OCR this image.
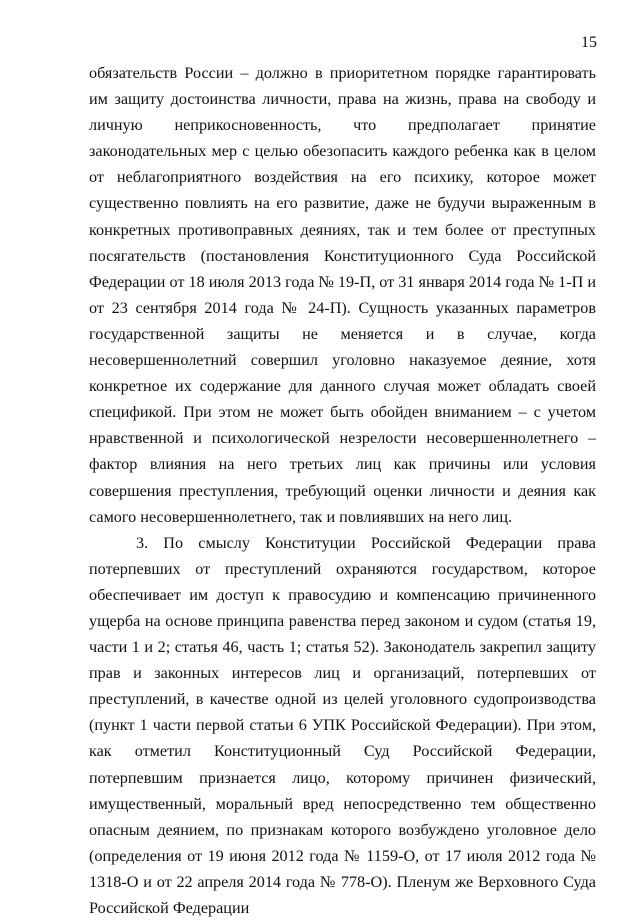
15

обязательств России – должно в приоритетном порядке гарантировать им защиту достоинства личности, права на жизнь, права на свободу и личную неприкосновенность, что предполагает принятие законодательных мер с целью обезопасить каждого ребенка как в целом от неблагоприятного воздействия на его психику, которое может существенно повлиять на его развитие, даже не будучи выраженным в конкретных противоправных деяниях, так и тем более от преступных посягательств (постановления Конституционного Суда Российской Федерации от 18 июля 2013 года № 19-П, от 31 января 2014 года № 1-П и от 23 сентября 2014 года № 24-П). Сущность указанных параметров государственной защиты не меняется и в случае, когда несовершеннолетний совершил уголовно наказуемое деяние, хотя конкретное их содержание для данного случая может обладать своей спецификой. При этом не может быть обойден вниманием – с учетом нравственной и психологической незрелости несовершеннолетнего – фактор влияния на него третьих лиц как причины или условия совершения преступления, требующий оценки личности и деяния как самого несовершеннолетнего, так и повлиявших на него лиц.

3. По смыслу Конституции Российской Федерации права потерпевших от преступлений охраняются государством, которое обеспечивает им доступ к правосудию и компенсацию причиненного ущерба на основе принципа равенства перед законом и судом (статья 19, части 1 и 2; статья 46, часть 1; статья 52). Законодатель закрепил защиту прав и законных интересов лиц и организаций, потерпевших от преступлений, в качестве одной из целей уголовного судопроизводства (пункт 1 части первой статьи 6 УПК Российской Федерации). При этом, как отметил Конституционный Суд Российской Федерации, потерпевшим признается лицо, которому причинен физический, имущественный, моральный вред непосредственно тем общественно опасным деянием, по признакам которого возбуждено уголовное дело (определения от 19 июня 2012 года № 1159-О, от 17 июля 2012 года № 1318-О и от 22 апреля 2014 года № 778-О). Пленум же Верховного Суда Российской Федерации
